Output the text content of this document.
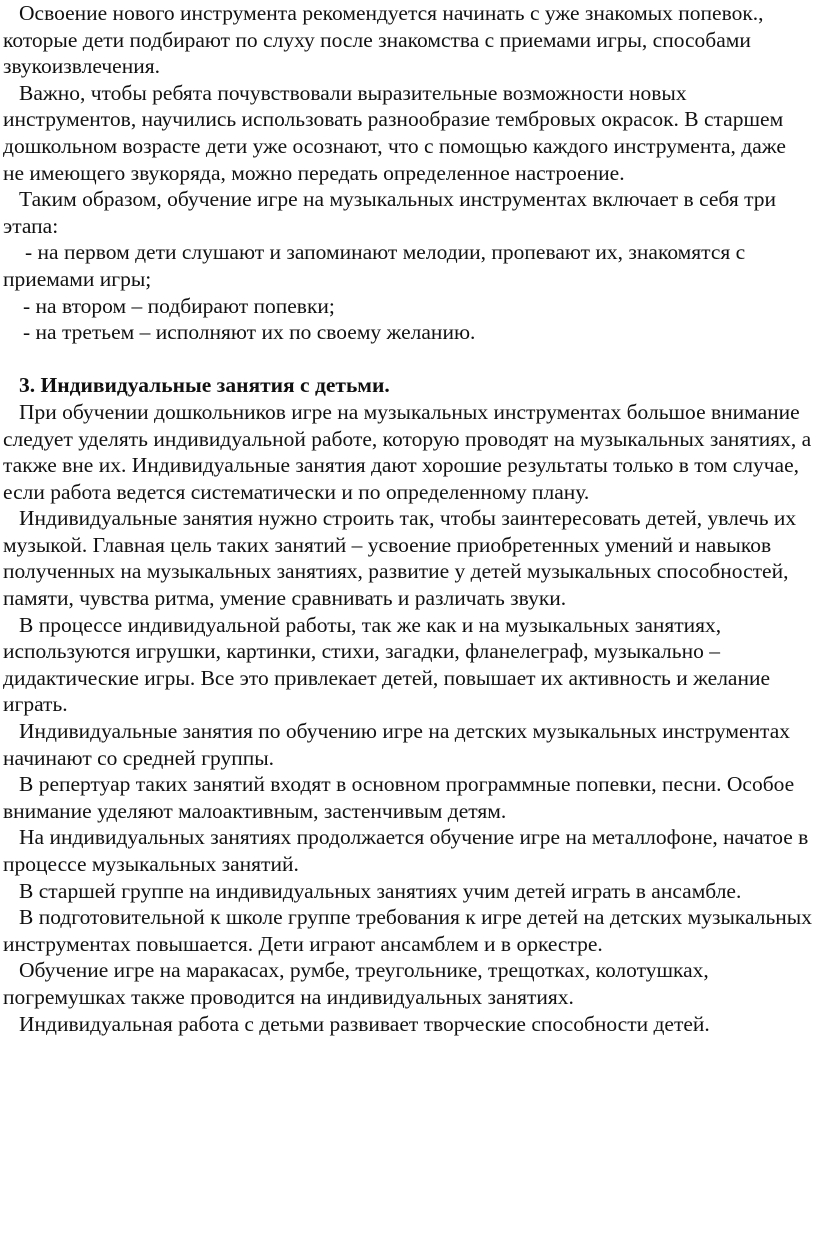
Освоение нового инструмента рекомендуется начинать с уже знакомых попевок., которые дети подбирают по слуху после знакомства с приемами игры, способами звукоизвлечения.

Важно, чтобы ребята почувствовали выразительные возможности новых инструментов, научились использовать разнообразие тембровых окрасок. В старшем дошкольном возрасте дети уже осознают, что с помощью каждого инструмента, даже не имеющего звукоряда, можно передать определенное настроение.

Таким образом, обучение игре на музыкальных инструментах включает в себя три этапа:

- на первом дети слушают и запоминают мелодии, пропевают их, знакомятся с приемами игры;

- на втором – подбирают попевки;

- на третьем – исполняют их по своему желанию.

3. Индивидуальные занятия с детьми.

При обучении дошкольников игре на музыкальных инструментах большое внимание следует уделять индивидуальной работе, которую проводят на музыкальных занятиях, а также вне их. Индивидуальные занятия дают хорошие результаты только в том случае, если работа ведется систематически и по определенному плану.

Индивидуальные занятия нужно строить так, чтобы заинтересовать детей, увлечь их музыкой. Главная цель таких занятий – усвоение приобретенных умений и навыков полученных на музыкальных занятиях, развитие у детей музыкальных способностей, памяти, чувства ритма, умение сравнивать и различать звуки.

В процессе индивидуальной работы, так же как и на музыкальных занятиях, используются игрушки, картинки, стихи, загадки, фланелеграф, музыкально – дидактические игры. Все это привлекает детей, повышает их активность и желание играть.

Индивидуальные занятия по обучению игре на детских музыкальных инструментах начинают со средней группы.

В репертуар таких занятий входят в основном программные попевки, песни. Особое внимание уделяют малоактивным, застенчивым детям.

На индивидуальных занятиях продолжается обучение игре на металлофоне, начатое в процессе музыкальных занятий.

В старшей группе на индивидуальных занятиях учим детей играть в ансамбле.

В подготовительной к школе группе требования к игре детей на детских музыкальных инструментах повышается. Дети играют ансамблем и в оркестре.

Обучение игре на маракасах, румбе, треугольнике, трещотках, колотушках, погремушках также проводится на индивидуальных занятиях.

Индивидуальная работа с детьми развивает творческие способности детей.
